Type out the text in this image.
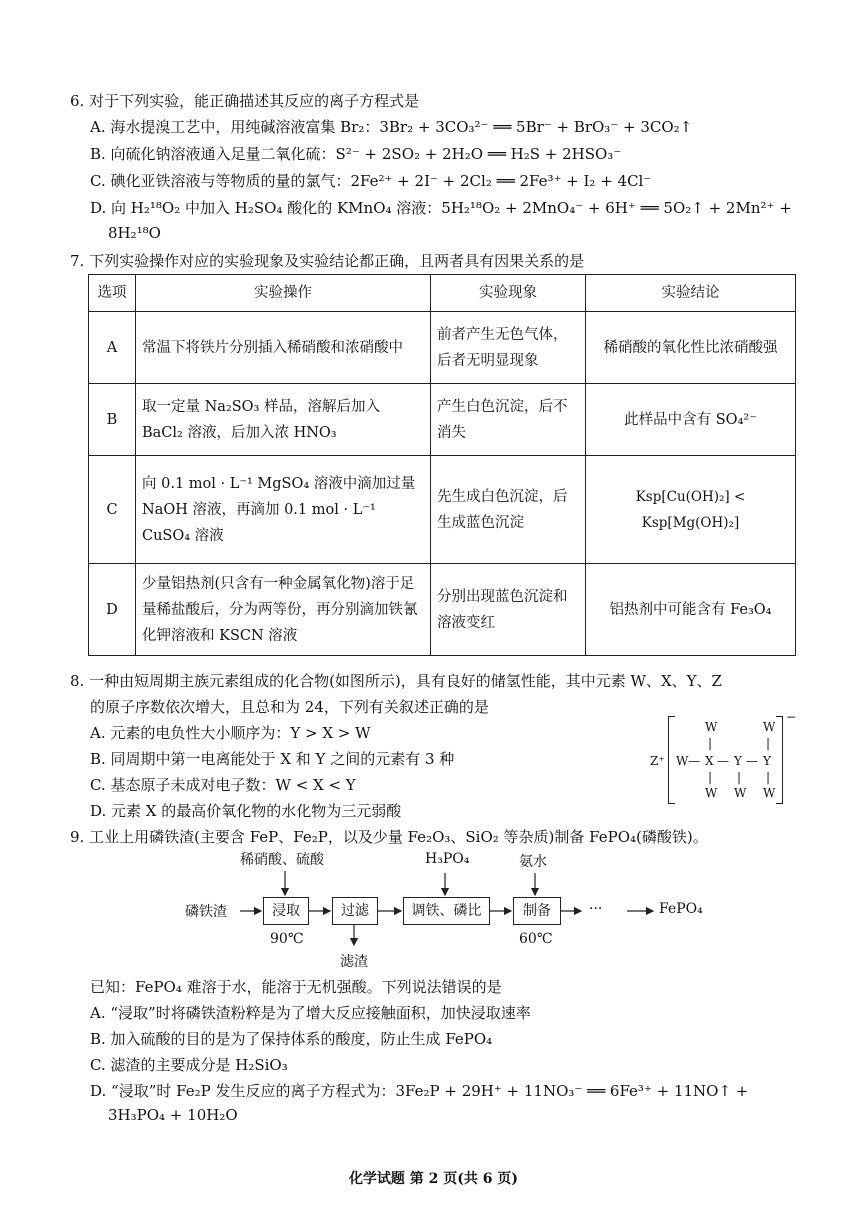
6. 对于下列实验，能正确描述其反应的离子方程式是
A. 海水提溴工艺中，用纯碱溶液富集 Br₂：3Br₂ + 3CO₃²⁻ ══ 5Br⁻ + BrO₃⁻ + 3CO₂↑
B. 向硫化钠溶液通入足量二氧化硫：S²⁻ + 2SO₂ + 2H₂O ══ H₂S + 2HSO₃⁻
C. 碘化亚铁溶液与等物质的量的氯气：2Fe²⁺ + 2I⁻ + 2Cl₂ ══ 2Fe³⁺ + I₂ + 4Cl⁻
D. 向 H₂¹⁸O₂ 中加入 H₂SO₄ 酸化的 KMnO₄ 溶液：5H₂¹⁸O₂ + 2MnO₄⁻ + 6H⁺ ══ 5O₂↑ + 2Mn²⁺ +
8H₂¹⁸O
7. 下列实验操作对应的实验现象及实验结论都正确，且两者具有因果关系的是
选项	实验操作	实验现象	实验结论
A	常温下将铁片分别插入稀硝酸和浓硝酸中	前者产生无色气体，后者无明显现象	稀硝酸的氧化性比浓硝酸强
B	取一定量 Na₂SO₃ 样品，溶解后加入 BaCl₂ 溶液，后加入浓 HNO₃	产生白色沉淀，后不消失	此样品中含有 SO₄²⁻
C	向 0.1 mol · L⁻¹ MgSO₄ 溶液中滴加过量 NaOH 溶液，再滴加 0.1 mol · L⁻¹ CuSO₄ 溶液	先生成白色沉淀，后生成蓝色沉淀	Ksp[Cu(OH)₂] < Ksp[Mg(OH)₂]
D	少量铝热剂(只含有一种金属氧化物)溶于足量稀盐酸后，分为两等份，再分别滴加铁氰化钾溶液和 KSCN 溶液	分别出现蓝色沉淀和溶液变红	铝热剂中可能含有 Fe₃O₄
8. 一种由短周期主族元素组成的化合物(如图所示)，具有良好的储氢性能，其中元素 W、X、Y、Z
的原子序数依次增大，且总和为 24，下列有关叙述正确的是
A. 元素的电负性大小顺序为：Y > X > W
B. 同周期中第一电离能处于 X 和 Y 之间的元素有 3 种
C. 基态原子未成对电子数：W < X < Y
D. 元素 X 的最高价氧化物的水化物为三元弱酸
Z⁺
−
W	W
|	|
W — X — Y — Y
| | |
W W W
9. 工业上用磷铁渣(主要含 FeP、Fe₂P，以及少量 Fe₂O₃、SiO₂ 等杂质)制备 FePO₄(磷酸铁)。
磷铁渣	浸取	过滤	调铁、磷比	制备
稀硝酸、硫酸	H₃PO₄	氨水
90℃	60℃
滤渣
···	FePO₄
已知：FePO₄ 难溶于水，能溶于无机强酸。下列说法错误的是
A. “浸取”时将磷铁渣粉粹是为了增大反应接触面积，加快浸取速率
B. 加入硫酸的目的是为了保持体系的酸度，防止生成 FePO₄
C. 滤渣的主要成分是 H₂SiO₃
D. “浸取”时 Fe₂P 发生反应的离子方程式为：3Fe₂P + 29H⁺ + 11NO₃⁻ ══ 6Fe³⁺ + 11NO↑ +
3H₃PO₄ + 10H₂O
化学试题 第 2 页(共 6 页)
